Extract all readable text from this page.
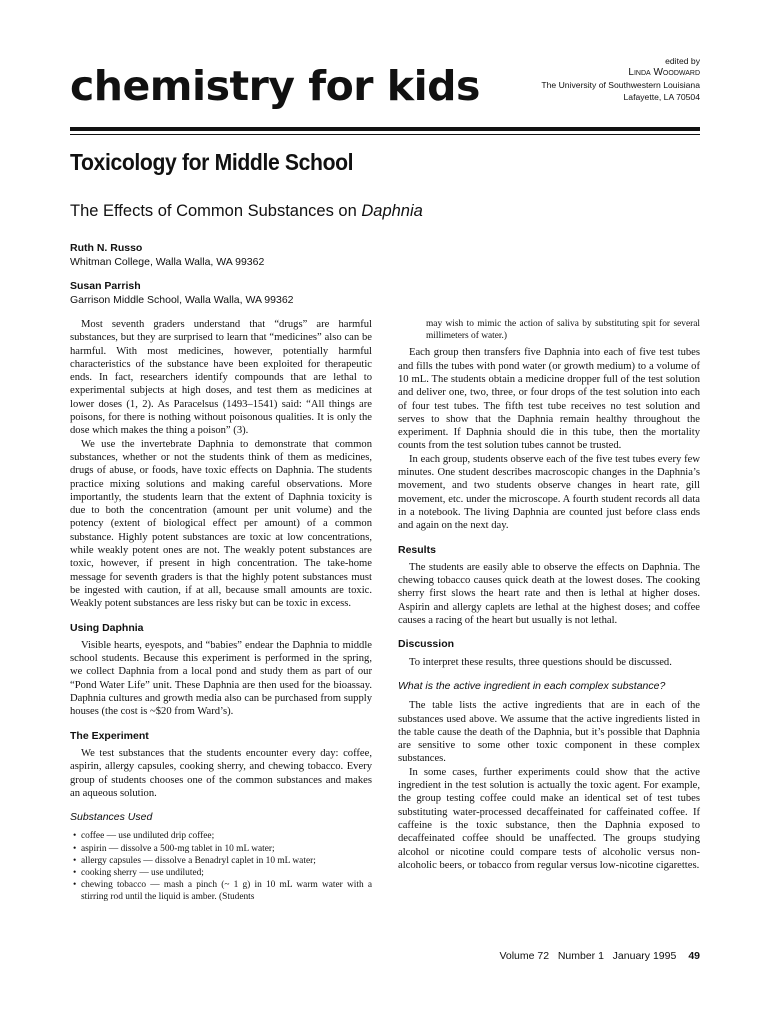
chemistry for kids
edited by
Linda Woodward
The University of Southwestern Louisiana
Lafayette, LA 70504
Toxicology for Middle School
The Effects of Common Substances on Daphnia
Ruth N. Russo
Whitman College, Walla Walla, WA 99362
Susan Parrish
Garrison Middle School, Walla Walla, WA 99362

Most seventh graders understand that “drugs” are harmful substances, but they are surprised to learn that “medicines” also can be harmful. With most medicines, however, potentially harmful characteristics of the substance have been exploited for therapeutic ends. In fact, researchers identify compounds that are lethal to experimental subjects at high doses, and test them as medicines at lower doses (1, 2). As Paracelsus (1493–1541) said: “All things are poisons, for there is nothing without poisonous qualities. It is only the dose which makes the thing a poison” (3).

We use the invertebrate Daphnia to demonstrate that common substances, whether or not the students think of them as medicines, drugs of abuse, or foods, have toxic effects on Daphnia. The students practice mixing solutions and making careful observations. More importantly, the students learn that the extent of Daphnia toxicity is due to both the concentration (amount per unit volume) and the potency (extent of biological effect per amount) of a common substance. Highly potent substances are toxic at low concentrations, while weakly potent ones are not. The weakly potent substances are toxic, however, if present in high concentration. The take-home message for seventh graders is that the highly potent substances must be ingested with caution, if at all, because small amounts are toxic. Weakly potent substances are less risky but can be toxic in excess.

Using Daphnia

Visible hearts, eyespots, and “babies” endear the Daphnia to middle school students. Because this experiment is performed in the spring, we collect Daphnia from a local pond and study them as part of our “Pond Water Life” unit. These Daphnia are then used for the bioassay. Daphnia cultures and growth media also can be purchased from supply houses (the cost is ~$20 from Ward’s).

The Experiment

We test substances that the students encounter every day: coffee, aspirin, allergy capsules, cooking sherry, and chewing tobacco. Every group of students chooses one of the common substances and makes an aqueous solution.

Substances Used
• coffee — use undiluted drip coffee;
• aspirin — dissolve a 500-mg tablet in 10 mL water;
• allergy capsules — dissolve a Benadryl caplet in 10 mL water;
• cooking sherry — use undiluted;
• chewing tobacco — mash a pinch (~ 1 g) in 10 mL warm water with a stirring rod until the liquid is amber. (Students

may wish to mimic the action of saliva by substituting spit for several millimeters of water.)

Each group then transfers five Daphnia into each of five test tubes and fills the tubes with pond water (or growth medium) to a volume of 10 mL. The students obtain a medicine dropper full of the test solution and deliver one, two, three, or four drops of the test solution into each of four test tubes. The fifth test tube receives no test solution and serves to show that the Daphnia remain healthy throughout the experiment. If Daphnia should die in this tube, then the mortality counts from the test solution tubes cannot be trusted.

In each group, students observe each of the five test tubes every few minutes. One student describes macroscopic changes in the Daphnia’s movement, and two students observe changes in heart rate, gill movement, etc. under the microscope. A fourth student records all data in a notebook. The living Daphnia are counted just before class ends and again on the next day.

Results

The students are easily able to observe the effects on Daphnia. The chewing tobacco causes quick death at the lowest doses. The cooking sherry first slows the heart rate and then is lethal at higher doses. Aspirin and allergy caplets are lethal at the highest doses; and coffee causes a racing of the heart but usually is not lethal.

Discussion

To interpret these results, three questions should be discussed.

What is the active ingredient in each complex substance?

The table lists the active ingredients that are in each of the substances used above. We assume that the active ingredients listed in the table cause the death of the Daphnia, but it’s possible that Daphnia are sensitive to some other toxic component in these complex substances.

In some cases, further experiments could show that the active ingredient in the test solution is actually the toxic agent. For example, the group testing coffee could make an identical set of test tubes substituting water-processed decaffeinated for caffeinated coffee. If caffeine is the toxic substance, then the Daphnia exposed to decaffeinated coffee should be unaffected. The groups studying alcohol or nicotine could compare tests of alcoholic versus non-alcoholic beers, or tobacco from regular versus low-nicotine cigarettes.

Volume 72   Number 1   January 1995 49
